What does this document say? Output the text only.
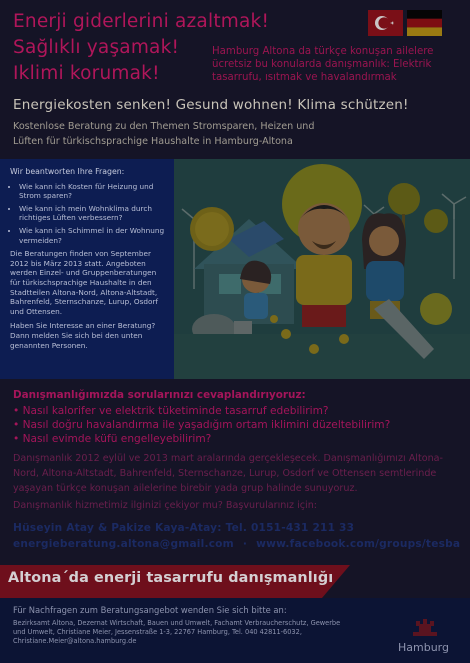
Enerji giderlerini azaltmak!
Sağlıklı yaşamak!
Iklimi korumak!
Hamburg Altona da türkçe konuşan ailelere ücretsiz bu konularda danışmanlık: Elektrik tasarrufu, ısıtmak ve havalandırmak
Energiekosten senken! Gesund wohnen! Klima schützen!
Kostenlose Beratung zu den Themen Stromsparen, Heizen und Lüften für türkischsprachige Haushalte in Hamburg-Altona
Wir beantworten Ihre Fragen:
• Wie kann ich Kosten für Heizung und Strom sparen?
• Wie kann ich mein Wohnklima durch richtiges Lüften verbessern?
• Wie kann ich Schimmel in der Wohnung vermeiden?

Die Beratungen finden von September 2012 bis März 2013 statt. Angeboten werden Einzel- und Gruppenberatungen für türkischsprachige Haushalte in den Stadtteilen Altona-Nord, Altona-Altstadt, Bahrenfeld, Sternschanze, Lurup, Osdorf und Ottensen.

Haben Sie Interesse an einer Beratung? Dann melden Sie sich bei den unten genannten Personen.

Danışmanlığımızda sorularınızı cevaplandırıyoruz:
• Nasıl kalorifer ve elektrik tüketiminde tasarruf edebilirim?
• Nasıl doğru havalandırma ile yaşadığım ortam iklimini düzeltebilirim?
• Nasıl evimde küfü engelleyebilirim?
Danışmanlık 2012 eylül ve 2013 mart aralarında gerçekleşecek. Danışmanlığımızı Altona-Nord, Altona-Altstadt, Bahrenfeld, Sternschanze, Lurup, Osdorf ve Ottensen semtlerinde yaşayan türkçe konuşan ailelerine birebir yada grup halinde sunuyoruz.
Danışmanlık hizmetimiz ilginizi çekiyor mu? Başvurularınız için:
Hüseyin Atay & Pakize Kaya-Atay: Tel. 0151-431 211 33
energieberatung.altona@gmail.com · www.facebook.com/groups/tesba
Altona´da enerji tasarrufu danışmanlığı
Für Nachfragen zum Beratungsangebot wenden Sie sich bitte an:
Bezirksamt Altona, Dezernat Wirtschaft, Bauen und Umwelt, Fachamt Verbraucherschutz, Gewerbe und Umwelt, Christiane Meier, Jessenstraße 1-3, 22767 Hamburg, Tel. 040 42811-6032, Christiane.Meier@altona.hamburg.de	Hamburg
